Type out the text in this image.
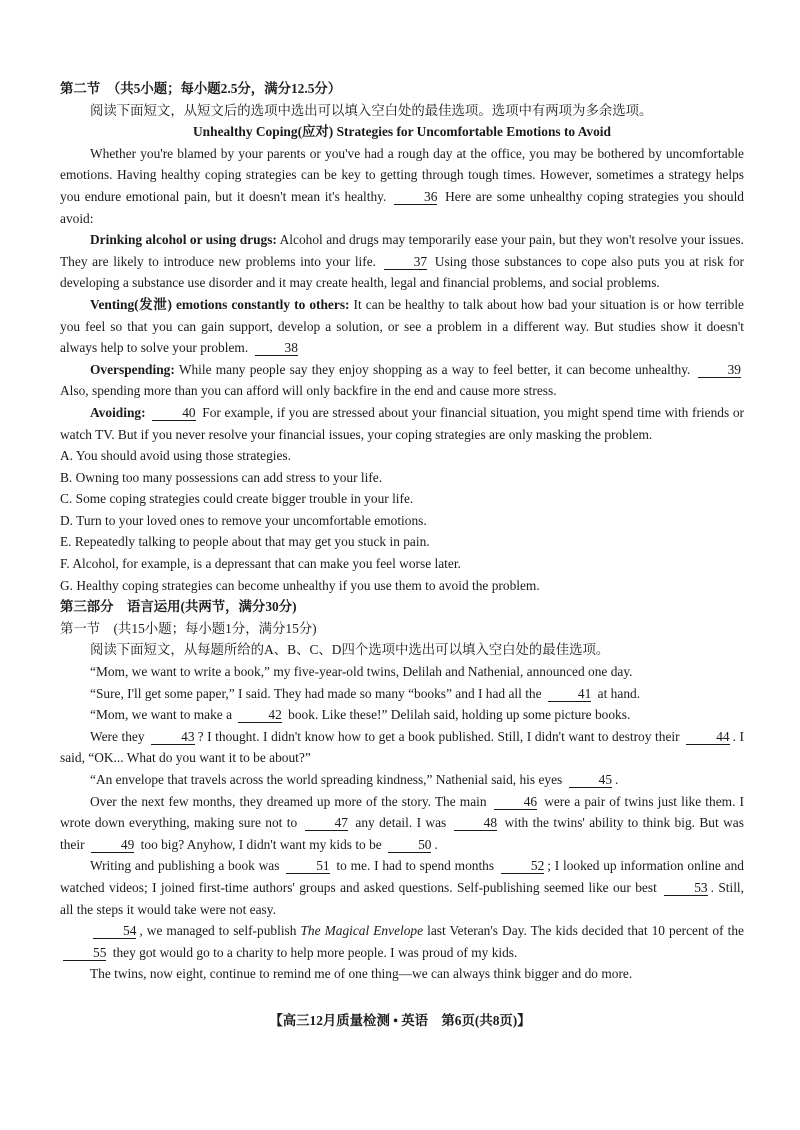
第二节　（共5小题；每小题2.5分，满分12.5分）
阅读下面短文，从短文后的选项中选出可以填入空白处的最佳选项。选项中有两项为多余选项。
Unhealthy Coping(应对) Strategies for Uncomfortable Emotions to Avoid
Whether you're blamed by your parents or you've had a rough day at the office, you may be bothered by uncomfortable emotions. Having healthy coping strategies can be key to getting through tough times. However, sometimes a strategy helps you endure emotional pain, but it doesn't mean it's healthy.	36 Here are some unhealthy coping strategies you should avoid:
Drinking alcohol or using drugs: Alcohol and drugs may temporarily ease your pain, but they won't resolve your issues. They are likely to introduce new problems into your life.	37 Using those substances to cope also puts you at risk for developing a substance use disorder and it may create health, legal and financial problems, and social problems.
Venting(发泄) emotions constantly to others: It can be healthy to talk about how bad your situation is or how terrible you feel so that you can gain support, develop a solution, or see a problem in a different way. But studies show it doesn't always help to solve your problem.	38
Overspending: While many people say they enjoy shopping as a way to feel better, it can become unhealthy.	39 Also, spending more than you can afford will only backfire in the end and cause more stress.
Avoiding:	40 For example, if you are stressed about your financial situation, you might spend time with friends or watch TV. But if you never resolve your financial issues, your coping strategies are only masking the problem.
A. You should avoid using those strategies.
B. Owning too many possessions can add stress to your life.
C. Some coping strategies could create bigger trouble in your life.
D. Turn to your loved ones to remove your uncomfortable emotions.
E. Repeatedly talking to people about that may get you stuck in pain.
F. Alcohol, for example, is a depressant that can make you feel worse later.
G. Healthy coping strategies can become unhealthy if you use them to avoid the problem.
第三部分　语言运用(共两节，满分30分)
第一节　(共15小题；每小题1分，满分15分)
阅读下面短文，从每题所给的A、B、C、D四个选项中选出可以填入空白处的最佳选项。
“Mom, we want to write a book,” my five-year-old twins, Delilah and Nathenial, announced one day.
“Sure, I'll get some paper,” I said. They had made so many “books” and I had all the	41 at hand.
“Mom, we want to make a	42 book. Like these!” Delilah said, holding up some picture books.
Were they	43 ? I thought. I didn't know how to get a book published. Still, I didn't want to destroy their	44 . I said, “OK... What do you want it to be about?”
“An envelope that travels across the world spreading kindness,” Nathenial said, his eyes	45 .
Over the next few months, they dreamed up more of the story. The main	46 were a pair of twins just like them. I wrote down everything, making sure not to	47 any detail. I was	48 with the twins' ability to think big. But was their	49 too big? Anyhow, I didn't want my kids to be	50 .
Writing and publishing a book was	51 to me. I had to spend months	52 ; I looked up information online and watched videos; I joined first-time authors' groups and asked questions. Self-publishing seemed like our best	53 . Still, all the steps it would take were not easy.
54 , we managed to self-publish The Magical Envelope last Veteran's Day. The kids decided that 10 percent of the 55 they got would go to a charity to help more people. I was proud of my kids.
The twins, now eight, continue to remind me of one thing—we can always think bigger and do more.
【高三12月质量检测 • 英语　第6页(共8页)】
